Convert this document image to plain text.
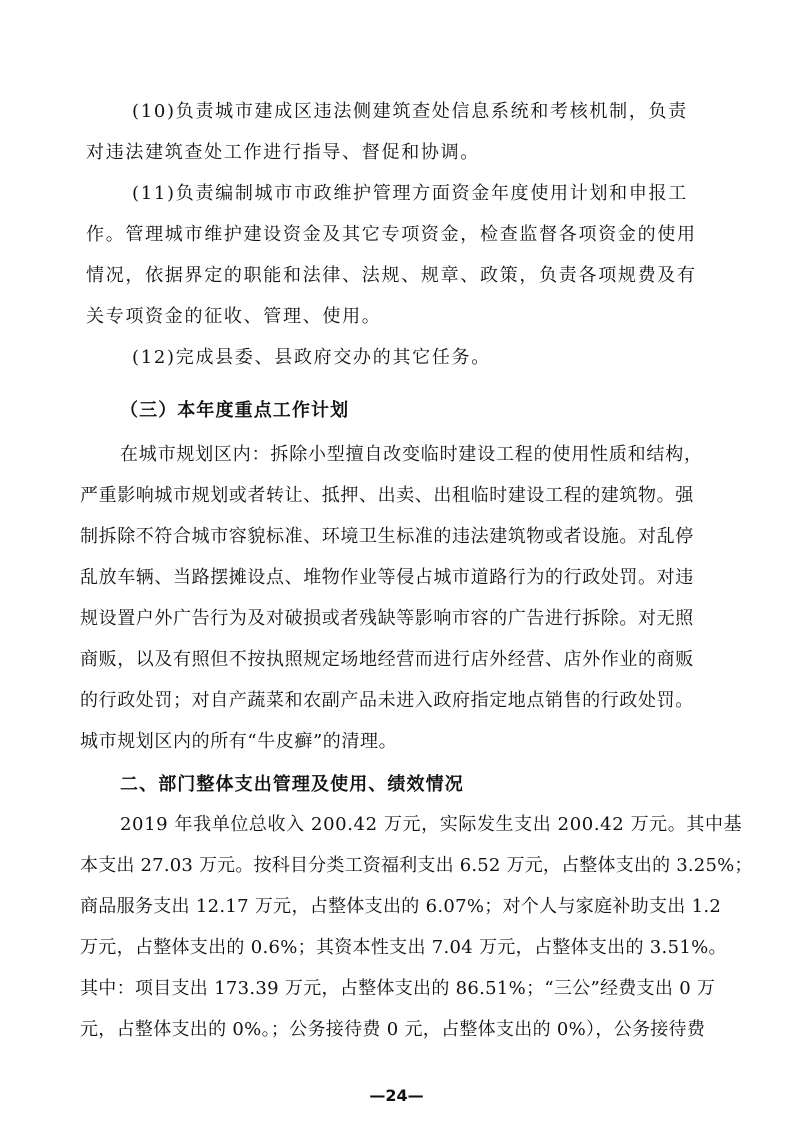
(10)负责城市建成区违法侧建筑查处信息系统和考核机制，负责
对违法建筑查处工作进行指导、督促和协调。
(11)负责编制城市市政维护管理方面资金年度使用计划和申报工
作。管理城市维护建设资金及其它专项资金，检查监督各项资金的使用
情况，依据界定的职能和法律、法规、规章、政策，负责各项规费及有
关专项资金的征收、管理、使用。
(12)完成县委、县政府交办的其它任务。
（三）本年度重点工作计划
在城市规划区内：拆除小型擅自改变临时建设工程的使用性质和结构，
严重影响城市规划或者转让、抵押、出卖、出租临时建设工程的建筑物。强
制拆除不符合城市容貌标准、环境卫生标准的违法建筑物或者设施。对乱停
乱放车辆、当路摆摊设点、堆物作业等侵占城市道路行为的行政处罚。对违
规设置户外广告行为及对破损或者残缺等影响市容的广告进行拆除。对无照
商贩，以及有照但不按执照规定场地经营而进行店外经营、店外作业的商贩
的行政处罚；对自产蔬菜和农副产品未进入政府指定地点销售的行政处罚。
城市规划区内的所有“牛皮癣”的清理。
二、部门整体支出管理及使用、绩效情况
2019 年我单位总收入 200.42 万元，实际发生支出 200.42 万元。其中基
本支出 27.03 万元。按科目分类工资福利支出 6.52 万元，占整体支出的 3.25%；
商品服务支出 12.17 万元，占整体支出的 6.07%；对个人与家庭补助支出 1.2
万元，占整体支出的 0.6%；其资本性支出 7.04 万元，占整体支出的 3.51%。
其中：项目支出 173.39 万元，占整体支出的 86.51%；“三公”经费支出 0 万
元，占整体支出的 0%。；公务接待费 0 元，占整体支出的 0%），公务接待费
—24—
